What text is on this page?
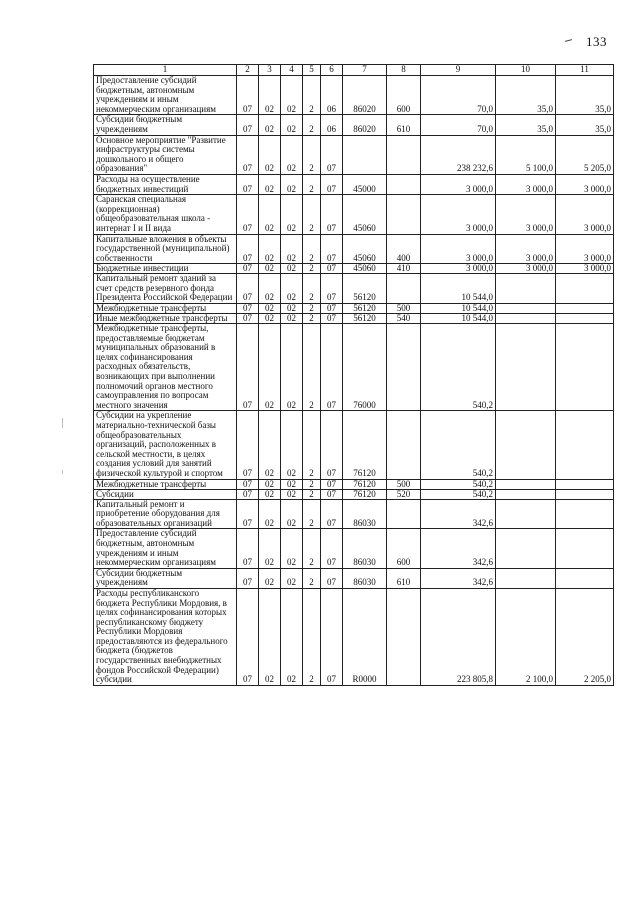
133
1	2	3	4	5	6	7	8	9	10	11
Предоставление субсидий бюджетным, автономным учреждениям и иным некоммерческим организациям	07	02	02	2	06	86020	600	70,0	35,0	35,0
Субсидии бюджетным учреждениям	07	02	02	2	06	86020	610	70,0	35,0	35,0
Основное мероприятие "Развитие инфраструктуры системы дошкольного и общего образования"	07	02	02	2	07			238 232,6	5 100,0	5 205,0
Расходы на осуществление бюджетных инвестиций	07	02	02	2	07	45000		3 000,0	3 000,0	3 000,0
Саранская специальная (коррекционная) общеобразовательная школа - интернат I и II вида	07	02	02	2	07	45060		3 000,0	3 000,0	3 000,0
Капитальные вложения в объекты государственной (муниципальной) собственности	07	02	02	2	07	45060	400	3 000,0	3 000,0	3 000,0
Бюджетные инвестиции	07	02	02	2	07	45060	410	3 000,0	3 000,0	3 000,0
Капитальный ремонт зданий за счет средств резервного фонда Президента Российской Федерации	07	02	02	2	07	56120		10 544,0		
Межбюджетные трансферты	07	02	02	2	07	56120	500	10 544,0		
Иные межбюджетные трансферты	07	02	02	2	07	56120	540	10 544,0		
Межбюджетные трансферты, предоставляемые бюджетам муниципальных образований в целях софинансирования расходных обязательств, возникающих при выполнении полномочий органов местного самоуправления по вопросам местного значения	07	02	02	2	07	76000		540,2		
Субсидии на укрепление материально-технической базы общеобразовательных организаций, расположенных в сельской местности, в целях создания условий для занятий физической культурой и спортом	07	02	02	2	07	76120		540,2		
Межбюджетные трансферты	07	02	02	2	07	76120	500	540,2		
Субсидии	07	02	02	2	07	76120	520	540,2		
Капитальный ремонт и приобретение оборудования для образовательных организаций	07	02	02	2	07	86030		342,6		
Предоставление субсидий бюджетным, автономным учреждениям и иным некоммерческим организациям	07	02	02	2	07	86030	600	342,6		
Субсидии бюджетным учреждениям	07	02	02	2	07	86030	610	342,6		
Расходы республиканского бюджета Республики Мордовия, в целях софинансирования которых республиканскому бюджету Республики Мордовия предоставляются из федерального бюджета (бюджетов государственных внебюджетных фондов Российской Федерации) субсидии	07	02	02	2	07	R0000		223 805,8	2 100,0	2 205,0
